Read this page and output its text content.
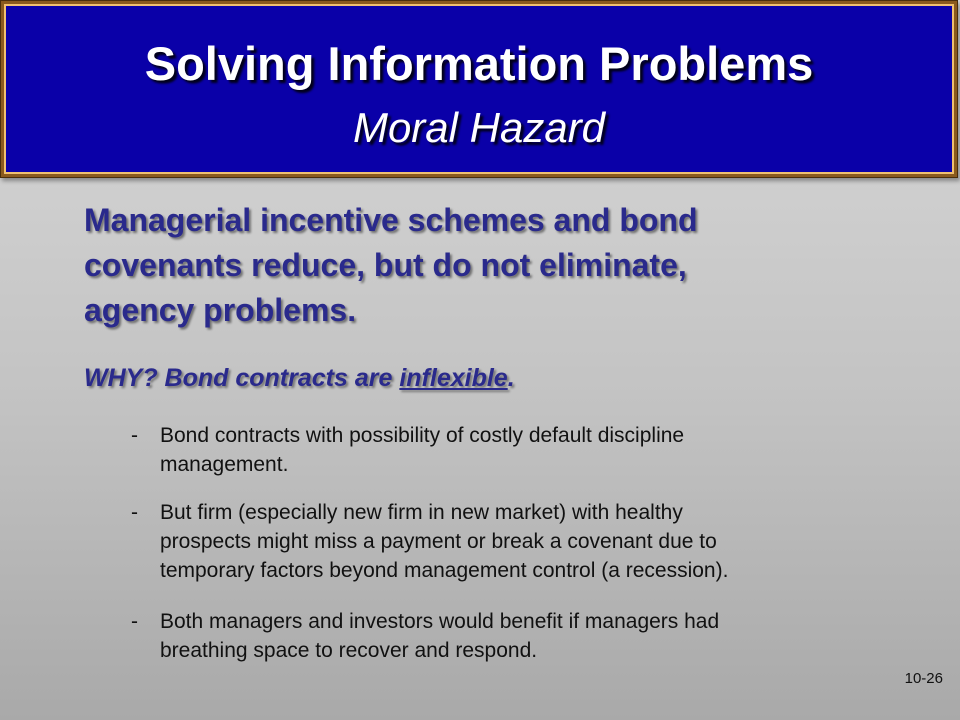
Solving Information Problems
Moral Hazard
Managerial incentive schemes and bond
covenants reduce, but do not eliminate,
agency problems.
WHY? Bond contracts are inflexible.
- Bond contracts with possibility of costly default discipline
management.
- But firm (especially new firm in new market) with healthy
prospects might miss a payment or break a covenant due to
temporary factors beyond management control (a recession).
- Both managers and investors would benefit if managers had
breathing space to recover and respond.
10-26
